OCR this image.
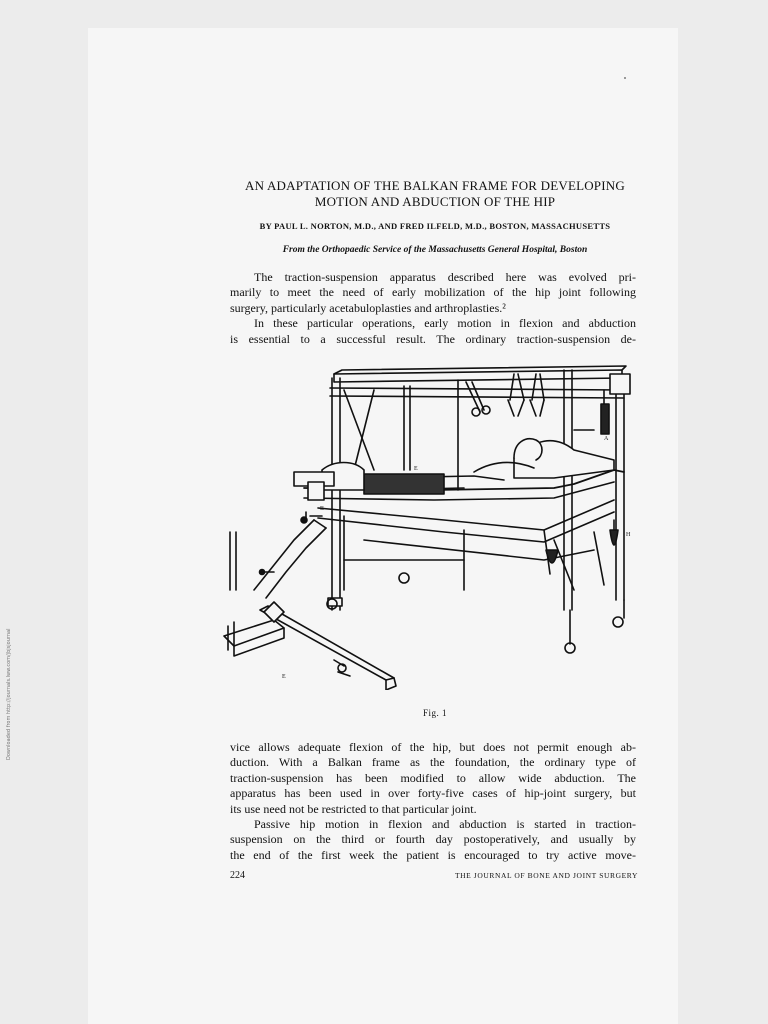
Downloaded from http://journals.lww.com/jbjsjournal
AN ADAPTATION OF THE BALKAN FRAME FOR DEVELOPING
MOTION AND ABDUCTION OF THE HIP
BY PAUL L. NORTON, M.D., AND FRED ILFELD, M.D., BOSTON, MASSACHUSETTS
From the Orthopaedic Service of the Massachusetts General Hospital, Boston
The traction-suspension apparatus described here was evolved pri-
marily to meet the need of early mobilization of the hip joint following
surgery, particularly acetabuloplasties and arthroplasties.²
In these particular operations, early motion in flexion and abduction
is essential to a successful result. The ordinary traction-suspension de-
E
B
E
H
A
Fig. 1
vice allows adequate flexion of the hip, but does not permit enough ab-
duction. With a Balkan frame as the foundation, the ordinary type of
traction-suspension has been modified to allow wide abduction. The
apparatus has been used in over forty-five cases of hip-joint surgery, but
its use need not be restricted to that particular joint.
Passive hip motion in flexion and abduction is started in traction-
suspension on the third or fourth day postoperatively, and usually by
the end of the first week the patient is encouraged to try active move-
224	THE JOURNAL OF BONE AND JOINT SURGERY
